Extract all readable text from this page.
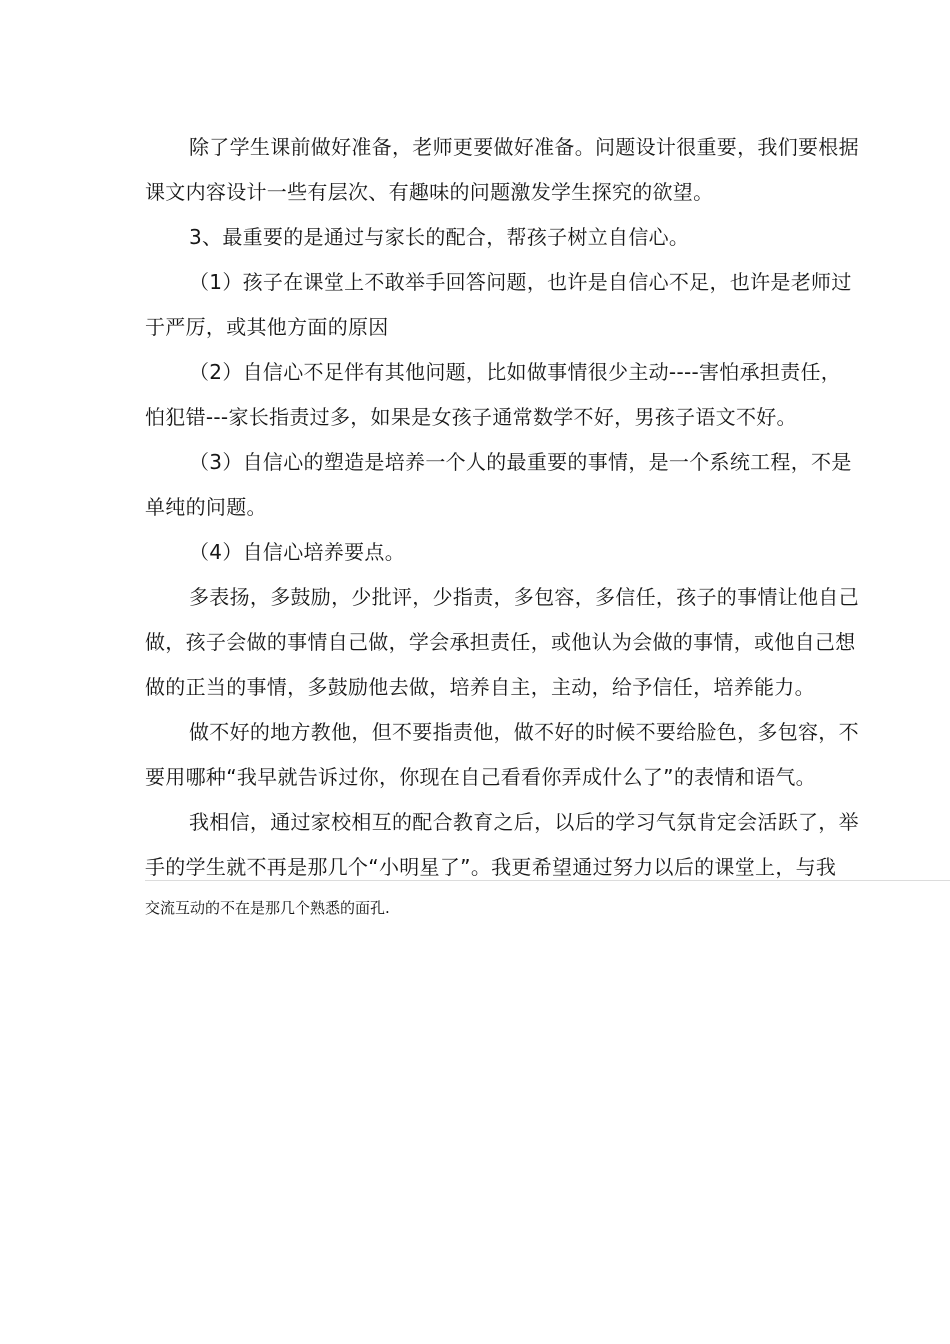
除了学生课前做好准备，老师更要做好准备。问题设计很重要，我们要根据
课文内容设计一些有层次、有趣味的问题激发学生探究的欲望。
3、最重要的是通过与家长的配合，帮孩子树立自信心。
（1）孩子在课堂上不敢举手回答问题，也许是自信心不足，也许是老师过
于严厉，或其他方面的原因
（2）自信心不足伴有其他问题，比如做事情很少主动----害怕承担责任，
怕犯错---家长指责过多，如果是女孩子通常数学不好，男孩子语文不好。
（3）自信心的塑造是培养一个人的最重要的事情，是一个系统工程，不是
单纯的问题。
（4）自信心培养要点。
多表扬，多鼓励，少批评，少指责，多包容，多信任，孩子的事情让他自己
做，孩子会做的事情自己做，学会承担责任，或他认为会做的事情，或他自己想
做的正当的事情，多鼓励他去做，培养自主，主动，给予信任，培养能力。
做不好的地方教他，但不要指责他，做不好的时候不要给脸色，多包容，不
要用哪种“我早就告诉过你，你现在自己看看你弄成什么了”的表情和语气。
我相信，通过家校相互的配合教育之后，以后的学习气氛肯定会活跃了，举
手的学生就不再是那几个“小明星了”。我更希望通过努力以后的课堂上，与我
交流互动的不在是那几个熟悉的面孔.
